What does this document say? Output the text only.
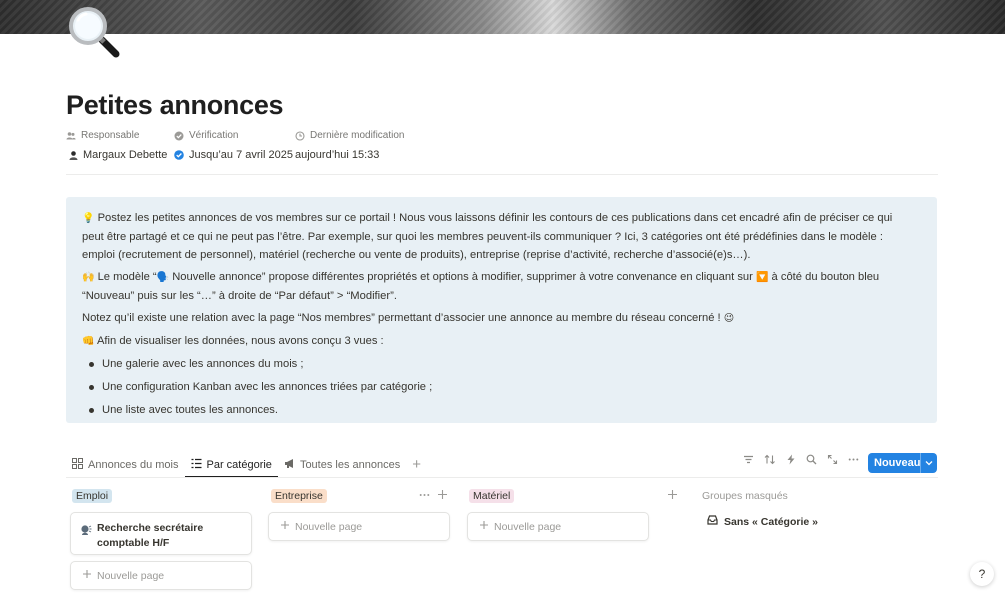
Petites annonces
Responsable	Vérification	Dernière modification
Margaux Debette Jusqu’au 7 avril 2025 aujourd’hui 15:33

💡 Postez les petites annonces de vos membres sur ce portail ! Nous vous laissons définir les contours de ces publications dans cet encadré afin de préciser ce qui
peut être partagé et ce qui ne peut pas l’être. Par exemple, sur quoi les membres peuvent-ils communiquer ? Ici, 3 catégories ont été prédéfinies dans le modèle :
emploi (recrutement de personnel), matériel (recherche ou vente de produits), entreprise (reprise d’activité, recherche d’associé(e)s…).

🙌 Le modèle “🗣️ Nouvelle annonce” propose différentes propriétés et options à modifier, supprimer à votre convenance en cliquant sur 🔽 à côté du bouton bleu
“Nouveau” puis sur les “…” à droite de “Par défaut” > “Modifier”.

Notez qu’il existe une relation avec la page “Nos membres” permettant d’associer une annonce au membre du réseau concerné ! 😉

👊 Afin de visualiser les données, nous avons conçu 3 vues :

Une galerie avec les annonces du mois ;
Une configuration Kanban avec les annonces triées par catégorie ;
Une liste avec toutes les annonces.
Annonces du mois	Par catégorie	Toutes les annonces +	Nouveau
Emploi	Entreprise	Matériel
Recherche secrétaire comptable H/F
Nouvelle page
Nouvelle page	Nouvelle page
Groupes masqués
Sans « Catégorie »
?
